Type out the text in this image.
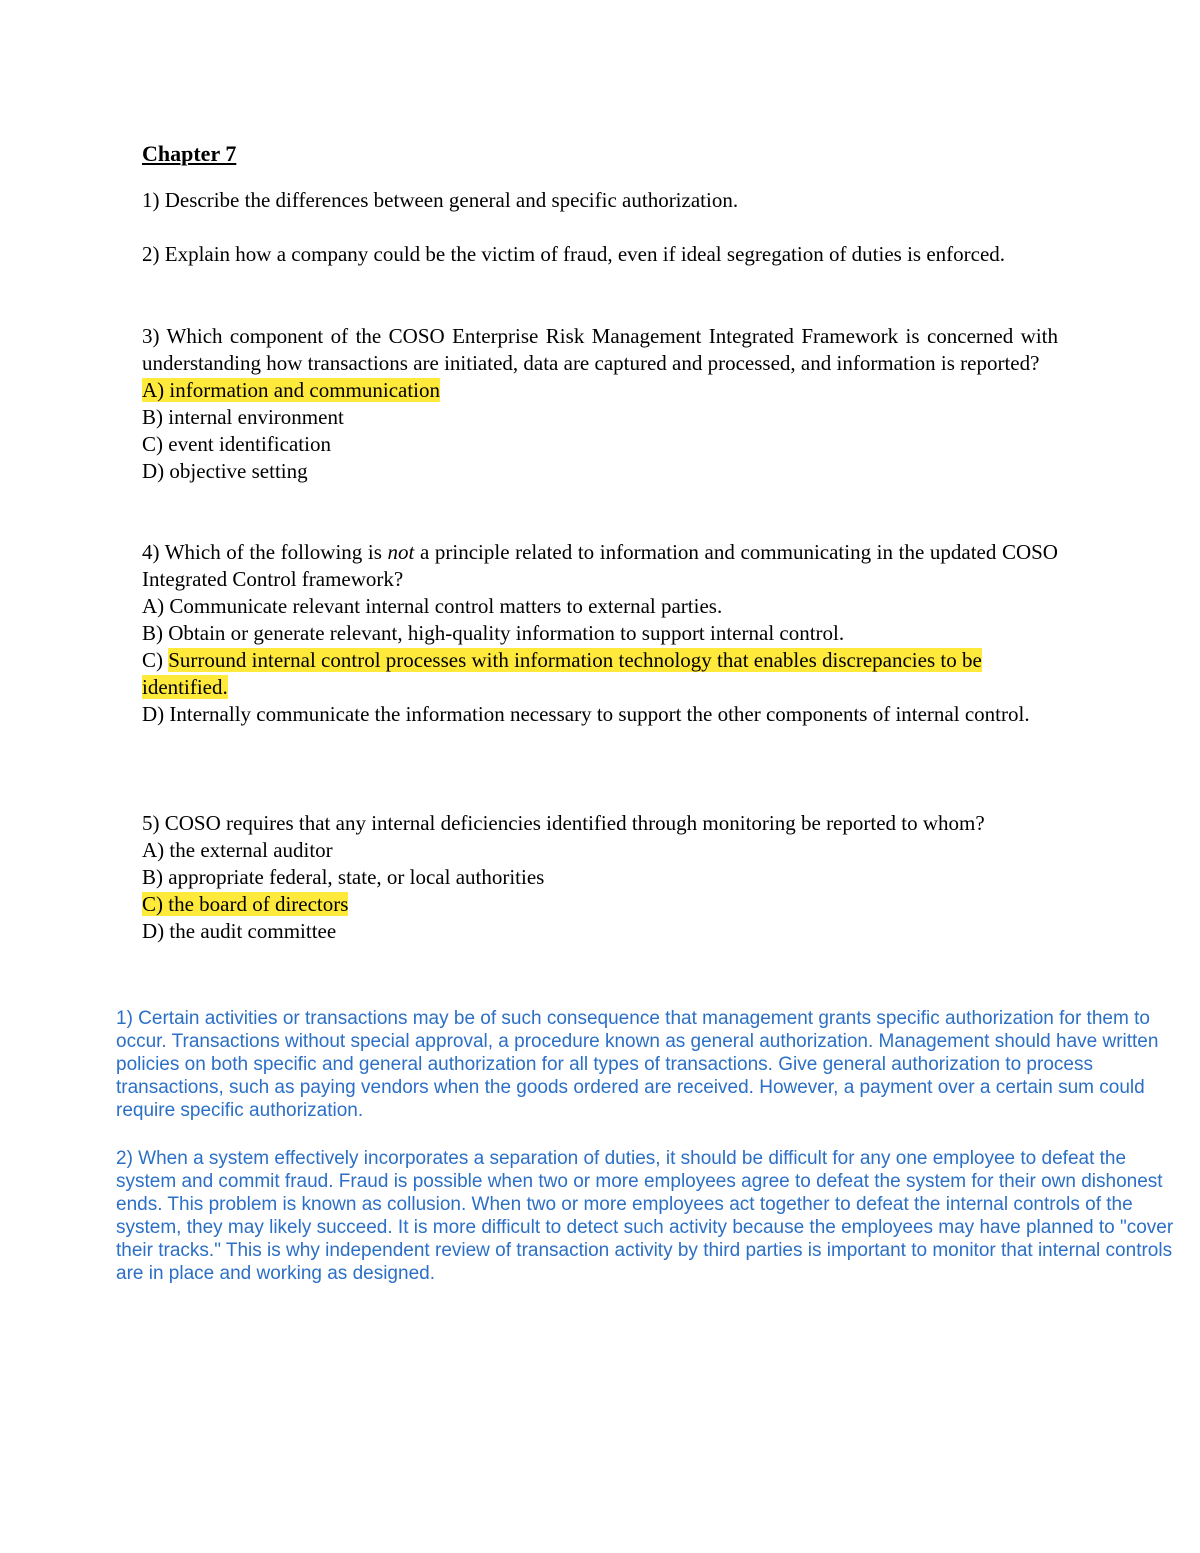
Chapter 7

1) Describe the differences between general and specific authorization.

2) Explain how a company could be the victim of fraud, even if ideal segregation of duties is enforced.

3) Which component of the COSO Enterprise Risk Management Integrated Framework is concerned with understanding how transactions are initiated, data are captured and processed, and information is reported?

A) information and communication

B) internal environment

C) event identification

D) objective setting

4) Which of the following is not a principle related to information and communicating in the updated COSO Integrated Control framework?

A) Communicate relevant internal control matters to external parties.

B) Obtain or generate relevant, high-quality information to support internal control.

C) Surround internal control processes with information technology that enables discrepancies to be identified.

D) Internally communicate the information necessary to support the other components of internal control.

5) COSO requires that any internal deficiencies identified through monitoring be reported to whom?

A) the external auditor

B) appropriate federal, state, or local authorities

C) the board of directors

D) the audit committee

1) Certain activities or transactions may be of such consequence that management grants specific authorization for them to occur. Transactions without special approval, a procedure known as general authorization. Management should have written policies on both specific and general authorization for all types of transactions. Give general authorization to process transactions, such as paying vendors when the goods ordered are received. However, a payment over a certain sum could require specific authorization.

2) When a system effectively incorporates a separation of duties, it should be difficult for any one employee to defeat the system and commit fraud. Fraud is possible when two or more employees agree to defeat the system for their own dishonest ends. This problem is known as collusion. When two or more employees act together to defeat the internal controls of the system, they may likely succeed. It is more difficult to detect such activity because the employees may have planned to "cover their tracks." This is why independent review of transaction activity by third parties is important to monitor that internal controls are in place and working as designed.
